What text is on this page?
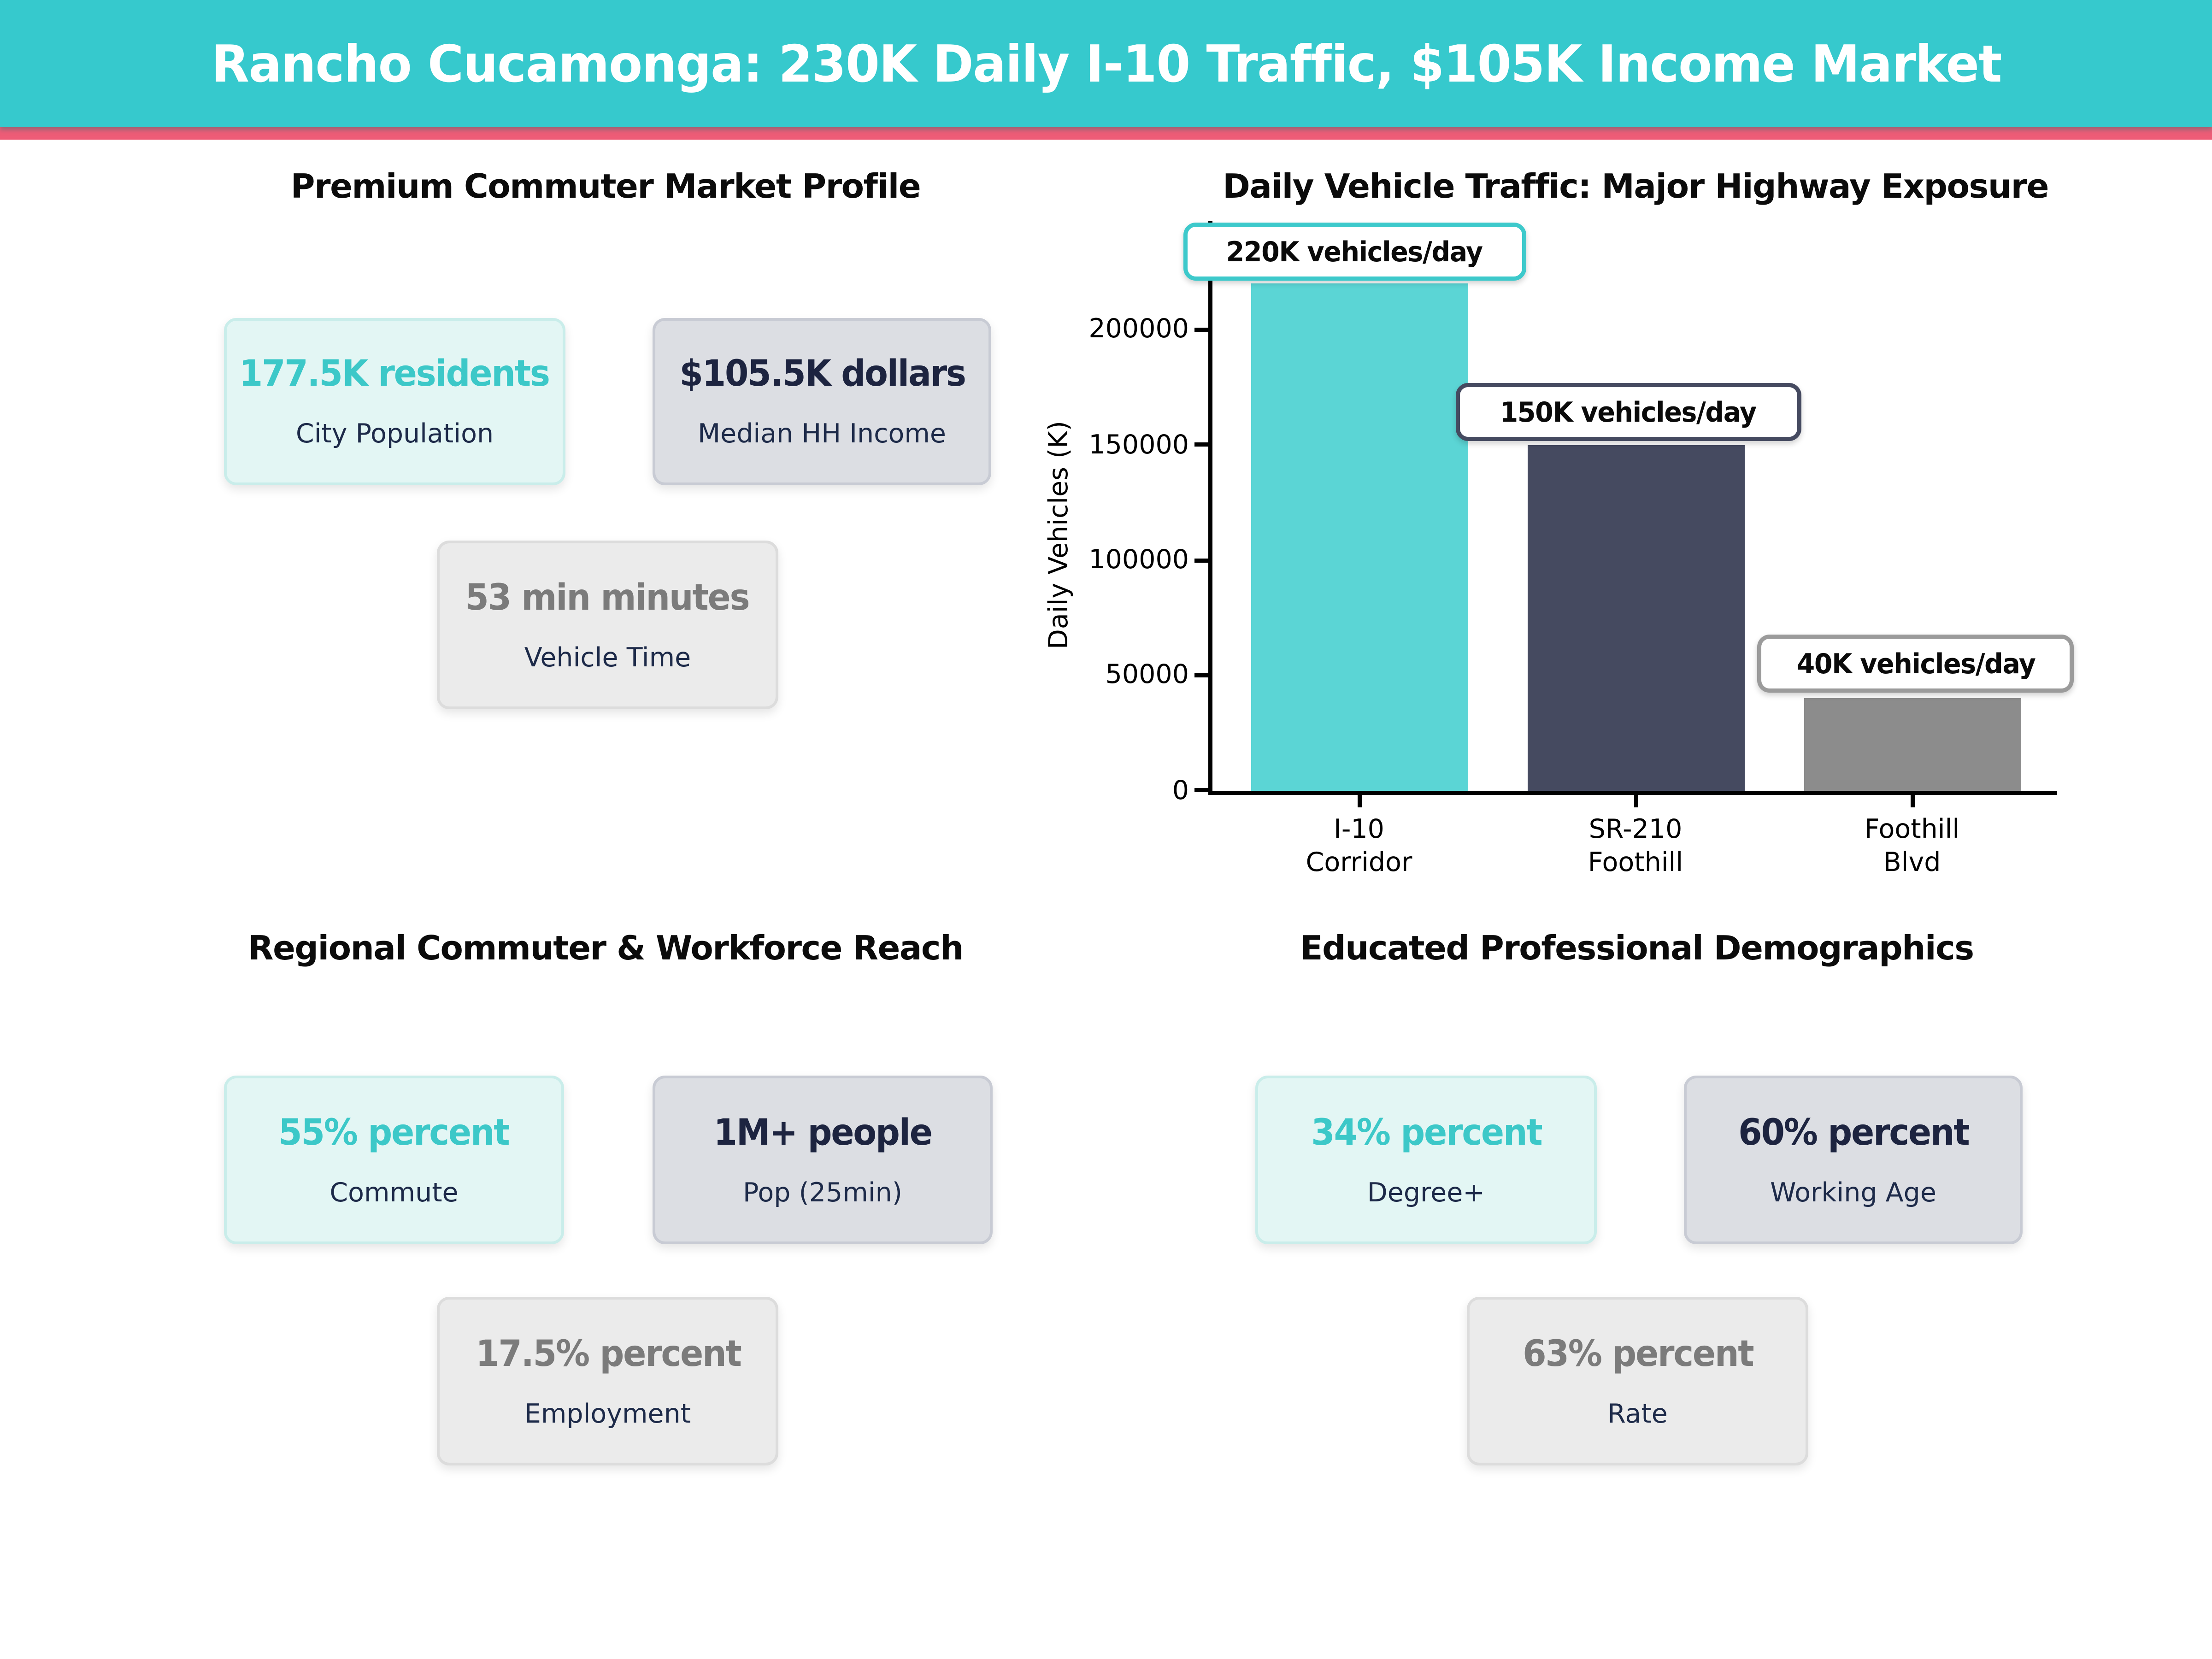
Rancho Cucamonga: 230K Daily I-10 Traffic, $105K Income Market
Premium Commuter Market Profile
177.5K residents
City Population
$105.5K dollars
Median HH Income
53 min minutes
Vehicle Time
Daily Vehicle Traffic: Major Highway Exposure
Daily Vehicles (K)
0
50000
100000
150000
200000
I-10
Corridor
SR-210
Foothill
Foothill
Blvd
220K vehicles/day
150K vehicles/day
40K vehicles/day
Regional Commuter & Workforce Reach
55% percent
Commute
1M+ people
Pop (25min)
17.5% percent
Employment
Educated Professional Demographics
34% percent
Degree+
60% percent
Working Age
63% percent
Rate
